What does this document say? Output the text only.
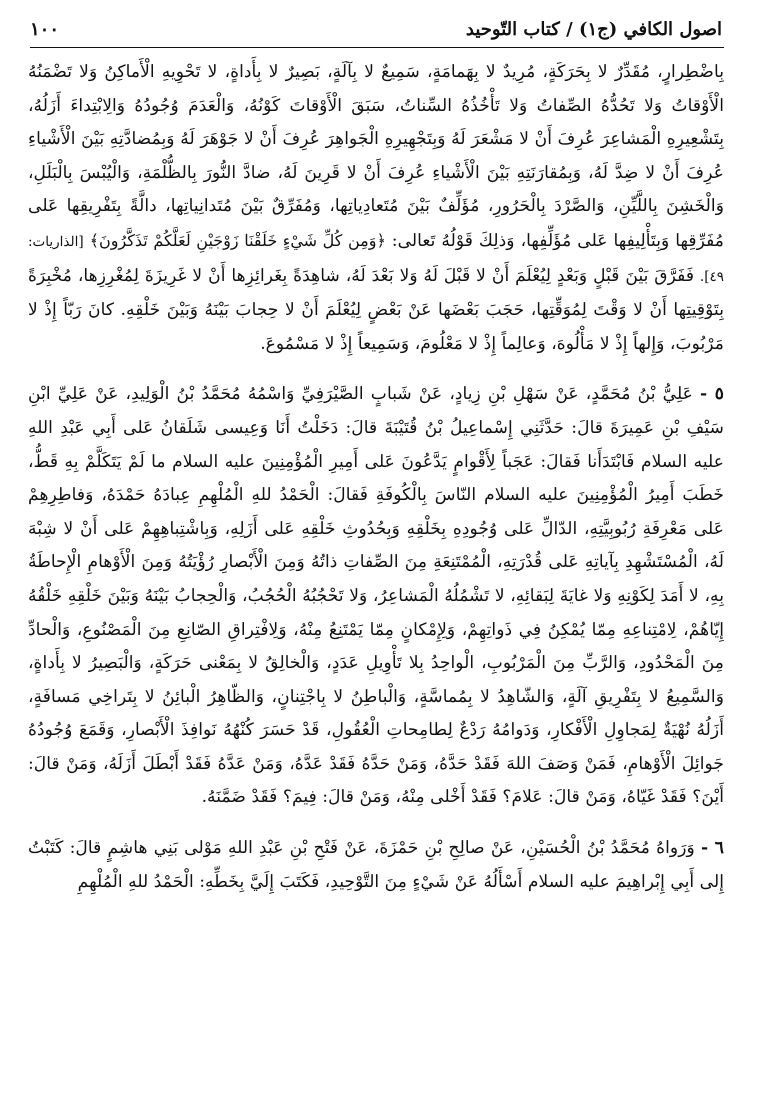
اصول الكافي (ج١) / كتاب التّوحيد
١٠٠

بِاضْطِرارٍ، مُقَدِّرٌ لا بِحَرَكَةٍ، مُرِيدٌ لا بِهَمامَةٍ، سَمِيعٌ لا بِآلَةٍ، بَصِيرٌ لا بِأَداةٍ، لا تَحْوِيهِ الْأَماكِنُ وَلا تَضْمَنُهُ الْأَوْقاتُ وَلا تَحُدُّهُ الصِّفاتُ وَلا تَأْخُذُهُ السِّناتُ، سَبَقَ الْأَوْقاتَ كَوْنُهُ، وَالْعَدَمَ وُجُودُهُ وَالِابْتِداءَ أَزَلُهُ، بِتَشْعِيرِهِ الْمَشاعِرَ عُرِفَ أَنْ لا مَشْعَرَ لَهُ وَبِتَجْهِيرِهِ الْجَواهِرَ عُرِفَ أَنْ لا جَوْهَرَ لَهُ وَبِمُضادَّتِهِ بَيْنَ الْأَشْياءِ عُرِفَ أَنْ لا ضِدَّ لَهُ، وَبِمُقارَنَتِهِ بَيْنَ الْأَشْياءِ عُرِفَ أَنْ لا قَرِينَ لَهُ، ضادَّ النُّورَ بِالظُّلْمَةِ، وَالْيُبْسَ بِالْبَلَلِ، وَالْخَشِنَ بِاللَّيِّنِ، وَالصَّرْدَ بِالْحَرُورِ، مُؤَلِّفٌ بَيْنَ مُتَعادِياتِها، وَمُفَرِّقٌ بَيْنَ مُتَدانِياتِها، دالَّةً بِتَفْرِيقِها عَلى مُفَرِّقِها وَبِتَأْلِيفِها عَلى مُؤَلِّفِها، وَذلِكَ قَوْلُهُ تَعالى: ﴿وَمِن كُلِّ شَيْءٍ خَلَقْنَا زَوْجَيْنِ لَعَلَّكُمْ تَذَكَّرُونَ﴾ [الذاريات: ٤٩]. فَفَرَّقَ بَيْنَ قَبْلٍ وَبَعْدٍ لِيُعْلَمَ أَنْ لا قَبْلَ لَهُ وَلا بَعْدَ لَهُ، شاهِدَةً بِغَرائِزِها أَنْ لا غَرِيزَةَ لِمُغْرِزِها، مُخْبِرَةً بِتَوْقِيتِها أَنْ لا وَقْتَ لِمُوَقِّتِها، حَجَبَ بَعْضَها عَنْ بَعْضٍ لِيُعْلَمَ أَنْ لا حِجابَ بَيْنَهُ وَبَيْنَ خَلْقِهِ. كانَ رَبّاً إِذْ لا مَرْبُوبَ، وَإِلهاً إِذْ لا مَأْلُوهَ، وَعالِماً إِذْ لا مَعْلُومَ، وَسَمِيعاً إِذْ لا مَسْمُوعَ.

٥ - عَلِيُّ بْنُ مُحَمَّدٍ، عَنْ سَهْلِ بْنِ زِيادٍ، عَنْ شَبابٍ الصَّيْرَفِيِّ وَاسْمُهُ مُحَمَّدُ بْنُ الْوَلِيدِ، عَنْ عَلِيِّ ابْنِ سَيْفِ بْنِ عَمِيرَةَ قالَ: حَدَّثَنِي إِسْماعِيلُ بْنُ قُتَيْبَةَ قالَ: دَخَلْتُ أَنَا وَعِيسى شَلَقانُ عَلى أَبِي عَبْدِ اللهِ عليه السلام فَابْتَدَأَنا فَقالَ: عَجَباً لِأَقْوامٍ يَدَّعُونَ عَلى أَمِيرِ الْمُؤْمِنِينَ عليه السلام ما لَمْ يَتَكَلَّمْ بِهِ قَطُّ، خَطَبَ أَمِيرُ الْمُؤْمِنِينَ عليه السلام النّاسَ بِالْكُوفَةِ فَقالَ: الْحَمْدُ للهِ الْمُلْهِمِ عِبادَهُ حَمْدَهُ، وَفاطِرِهِمْ عَلى مَعْرِفَةِ رُبُوبِيَّتِهِ، الدّالِّ عَلى وُجُودِهِ بِخَلْقِهِ وَبِحُدُوثِ خَلْقِهِ عَلى أَزَلِهِ، وَبِاشْتِباهِهِمْ عَلى أَنْ لا شِبْهَ لَهُ، الْمُسْتَشْهِدِ بِآياتِهِ عَلى قُدْرَتِهِ، الْمُمْتَنِعَةِ مِنَ الصِّفاتِ ذاتُهُ وَمِنَ الْأَبْصارِ رُؤْيَتُهُ وَمِنَ الْأَوْهامِ الْإِحاطَةُ بِهِ، لا أَمَدَ لِكَوْنِهِ وَلا غايَةَ لِبَقائِهِ، لا تَشْمُلُهُ الْمَشاعِرُ، وَلا تَحْجُبُهُ الْحُجُبُ، وَالْحِجابُ بَيْنَهُ وَبَيْنَ خَلْقِهِ خَلْقُهُ إِيّاهُمْ، لِامْتِناعِهِ مِمّا يُمْكِنُ فِي ذَواتِهِمْ، وَلِإِمْكانٍ مِمّا يَمْتَنِعُ مِنْهُ، وَلِافْتِراقِ الصّانِعِ مِنَ الْمَصْنُوعِ، وَالْحادِّ مِنَ الْمَحْدُودِ، وَالرَّبِّ مِنَ الْمَرْبُوبِ، الْواحِدُ بِلا تَأْوِيلِ عَدَدٍ، وَالْخالِقُ لا بِمَعْنى حَرَكَةٍ، وَالْبَصِيرُ لا بِأَداةٍ، وَالسَّمِيعُ لا بِتَفْرِيقِ آلَةٍ، وَالشّاهِدُ لا بِمُماسَّةٍ، وَالْباطِنُ لا بِاجْتِنانٍ، وَالظّاهِرُ الْبائِنُ لا بِتَراخِي مَسافَةٍ، أَزَلُهُ نُهْيَةٌ لِمَجاوِلِ الْأَفْكارِ، وَدَوامُهُ رَدْعٌ لِطامِحاتِ الْعُقُولِ، قَدْ حَسَرَ كُنْهُهُ نَوافِذَ الْأَبْصارِ، وَقَمَعَ وُجُودُهُ جَوائِلَ الْأَوْهامِ، فَمَنْ وَصَفَ اللهَ فَقَدْ حَدَّهُ، وَمَنْ حَدَّهُ فَقَدْ عَدَّهُ، وَمَنْ عَدَّهُ فَقَدْ أَبْطَلَ أَزَلَهُ، وَمَنْ قالَ: أَيْنَ؟ فَقَدْ غَيّاهُ، وَمَنْ قالَ: عَلامَ؟ فَقَدْ أَخْلى مِنْهُ، وَمَنْ قالَ: فِيمَ؟ فَقَدْ ضَمَّنَهُ.

٦ - وَرَواهُ مُحَمَّدُ بْنُ الْحُسَيْنِ، عَنْ صالِحِ بْنِ حَمْزَةَ، عَنْ فَتْحِ بْنِ عَبْدِ اللهِ مَوْلى بَنِي هاشِمٍ قالَ: كَتَبْتُ إِلى أَبِي إِبْراهِيمَ عليه السلام أَسْأَلُهُ عَنْ شَيْءٍ مِنَ التَّوْحِيدِ، فَكَتَبَ إِلَيَّ بِخَطِّهِ: الْحَمْدُ للهِ الْمُلْهِمِ
